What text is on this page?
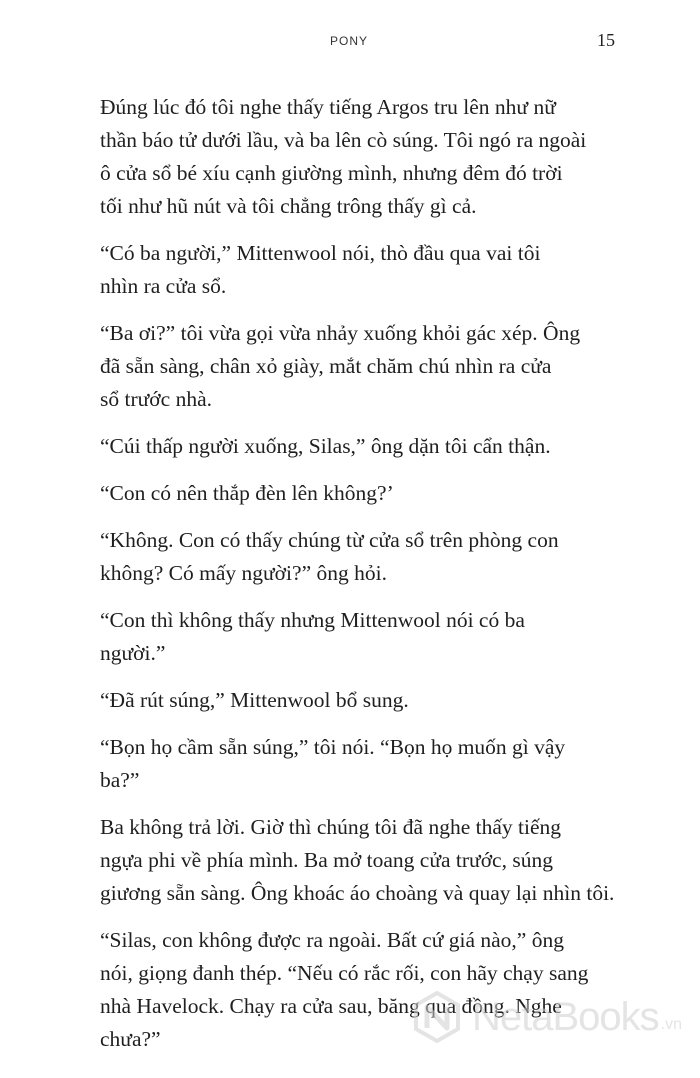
PONY	15

Đúng lúc đó tôi nghe thấy tiếng Argos tru lên như nữ
thần báo tử dưới lầu, và ba lên cò súng. Tôi ngó ra ngoài
ô cửa sổ bé xíu cạnh giường mình, nhưng đêm đó trời
tối như hũ nút và tôi chẳng trông thấy gì cả.

“Có ba người,” Mittenwool nói, thò đầu qua vai tôi
nhìn ra cửa sổ.

“Ba ơi?” tôi vừa gọi vừa nhảy xuống khỏi gác xép. Ông
đã sẵn sàng, chân xỏ giày, mắt chăm chú nhìn ra cửa
sổ trước nhà.

“Cúi thấp người xuống, Silas,” ông dặn tôi cẩn thận.

“Con có nên thắp đèn lên không?’

“Không. Con có thấy chúng từ cửa sổ trên phòng con
không? Có mấy người?” ông hỏi.

“Con thì không thấy nhưng Mittenwool nói có ba
người.”

“Đã rút súng,” Mittenwool bổ sung.

“Bọn họ cầm sẵn súng,” tôi nói. “Bọn họ muốn gì vậy
ba?”

Ba không trả lời. Giờ thì chúng tôi đã nghe thấy tiếng
ngựa phi về phía mình. Ba mở toang cửa trước, súng
giương sẵn sàng. Ông khoác áo choàng và quay lại nhìn tôi.

“Silas, con không được ra ngoài. Bất cứ giá nào,” ông
nói, giọng đanh thép. “Nếu có rắc rối, con hãy chạy sang
nhà Havelock. Chạy ra cửa sau, băng qua đồng. Nghe
chưa?”

NetaBooks .vn
